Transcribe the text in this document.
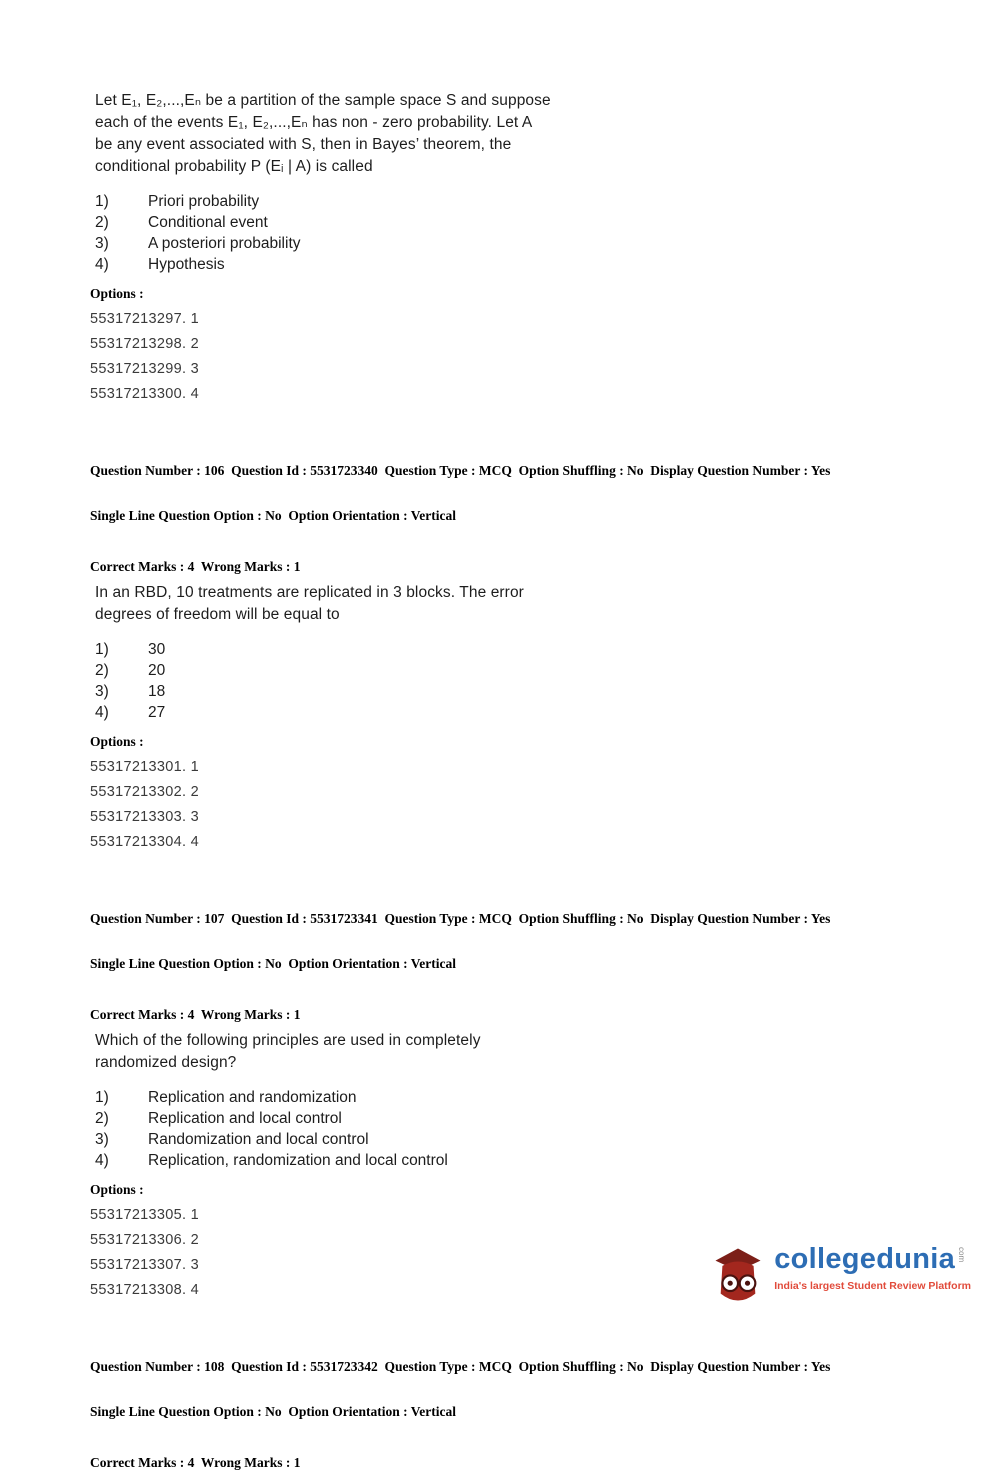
Let E₁, E₂,...,Eₙ be a partition of the sample space S and suppose
each of the events E₁, E₂,...,Eₙ has non - zero probability. Let A
be any event associated with S, then in Bayes’ theorem, the
conditional probability P (Eᵢ | A) is called
1)	Priori probability
2)	Conditional event
3)	A posteriori probability
4)	Hypothesis
Options :
55317213297. 1
55317213298. 2
55317213299. 3
55317213300. 4

Question Number : 106  Question Id : 5531723340  Question Type : MCQ  Option Shuffling : No  Display Question Number : Yes

Single Line Question Option : No  Option Orientation : Vertical

Correct Marks : 4  Wrong Marks : 1
In an RBD, 10 treatments are replicated in 3 blocks. The error
degrees of freedom will be equal to
1)	30
2)	20
3)	18
4)	27
Options :
55317213301. 1
55317213302. 2
55317213303. 3
55317213304. 4

Question Number : 107  Question Id : 5531723341  Question Type : MCQ  Option Shuffling : No  Display Question Number : Yes

Single Line Question Option : No  Option Orientation : Vertical

Correct Marks : 4  Wrong Marks : 1
Which of the following principles are used in completely
randomized design?
1)	Replication and randomization
2)	Replication and local control
3)	Randomization and local control
4)	Replication, randomization and local control
Options :
55317213305. 1
55317213306. 2
55317213307. 3
55317213308. 4

Question Number : 108  Question Id : 5531723342  Question Type : MCQ  Option Shuffling : No  Display Question Number : Yes

Single Line Question Option : No  Option Orientation : Vertical

Correct Marks : 4  Wrong Marks : 1
collegedunia com
India's largest Student Review Platform
